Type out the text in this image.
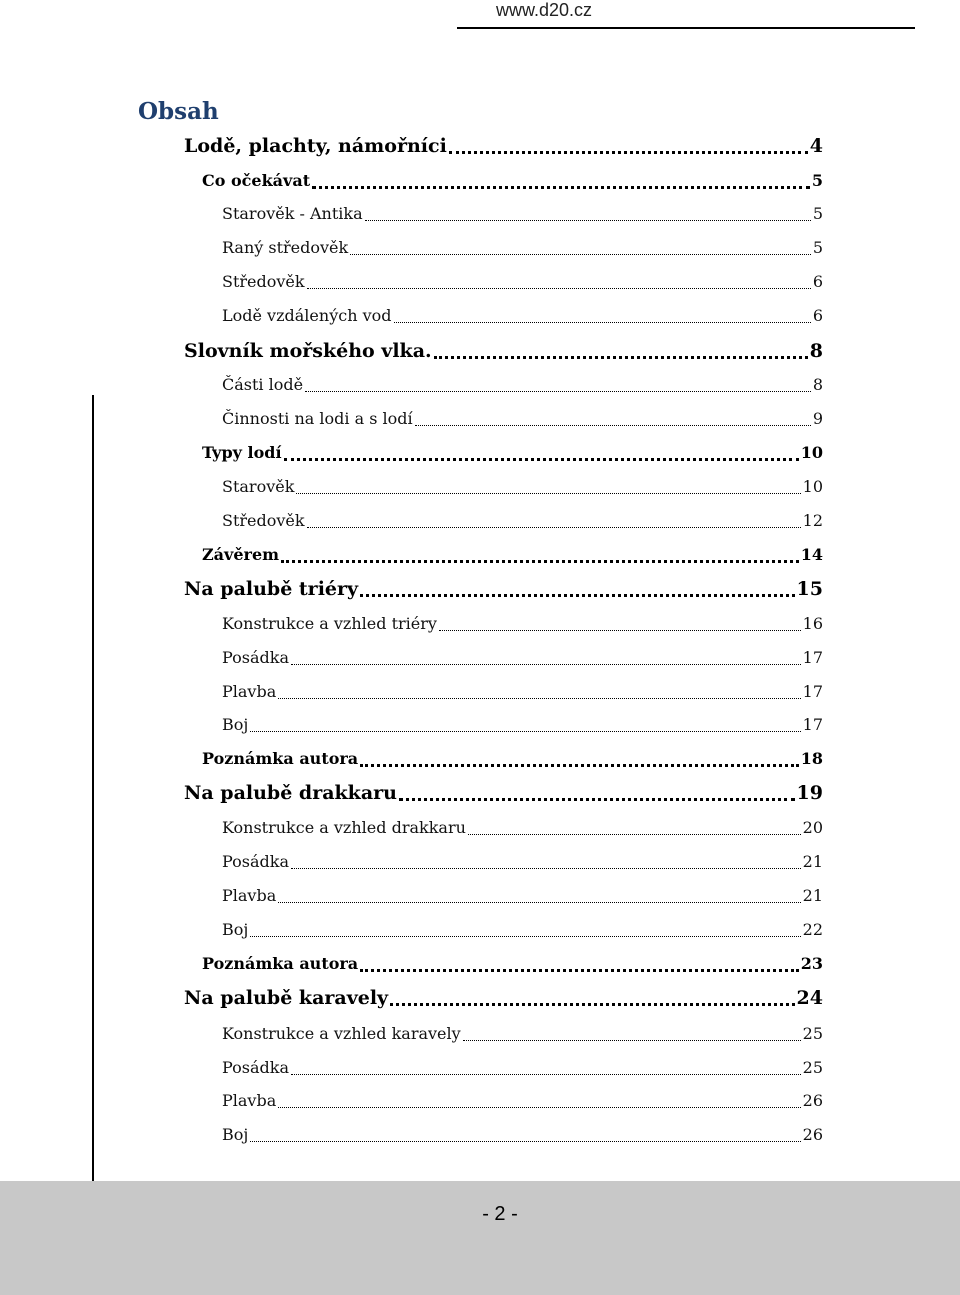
www.d20.cz
Obsah
Lodě, plachty, námořníci	4
Co očekávat	5
Starověk - Antika	5
Raný středověk	5
Středověk	6
Lodě vzdálených vod	6
Slovník mořského vlka.	8
Části lodě	8
Činnosti na lodi a s lodí	9
Typy lodí	10
Starověk	10
Středověk	12
Závěrem	14
Na palubě triéry	15
Konstrukce a vzhled triéry	16
Posádka	17
Plavba	17
Boj	17
Poznámka autora	18
Na palubě drakkaru	19
Konstrukce a vzhled drakkaru	20
Posádka	21
Plavba	21
Boj	22
Poznámka autora	23
Na palubě karavely	24
Konstrukce a vzhled karavely	25
Posádka	25
Plavba	26
Boj	26
- 2 -
